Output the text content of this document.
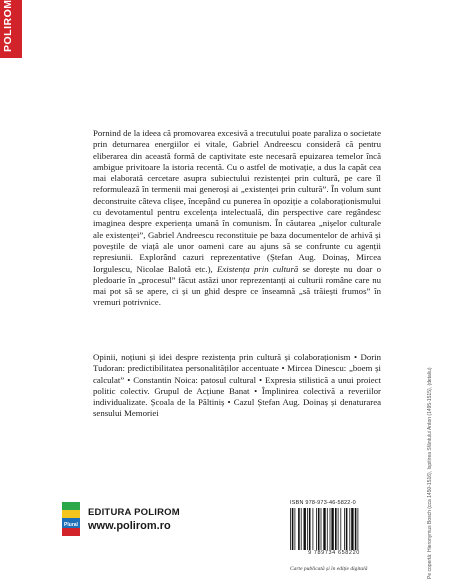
POLIROM

Pornind de la ideea că promovarea excesivă a trecutului poate paraliza o societate prin deturnarea energiilor ei vitale, Gabriel Andreescu consideră că pentru eliberarea din această formă de captivitate este necesară epuizarea temelor încă ambigue privitoare la istoria recentă. Cu o astfel de motivație, a dus la capăt cea mai elaborată cercetare asupra subiectului rezistenței prin cultură, pe care îl reformulează în termenii mai generoși ai „existenței prin cultură”. În volum sunt deconstruite câteva clișee, începând cu punerea în opoziție a colaboraționismului cu devotamentul pentru excelența intelectuală, din perspective care regândesc imaginea despre experiența umană în comunism. În căutarea „nișelor culturale ale existenței”, Gabriel Andreescu reconstituie pe baza documentelor de arhivă și poveștile de viață ale unor oameni care au ajuns să se confrunte cu agenții represiunii. Explorând cazuri reprezentative (Ștefan Aug. Doinaș, Mircea Iorgulescu, Nicolae Balotă etc.), Existența prin cultură se dorește nu doar o pledoarie în „procesul” făcut astăzi unor reprezentanți ai culturii române care nu mai pot să se apere, ci și un ghid despre ce înseamnă „să trăiești frumos” în vremuri potrivnice.

Opinii, noțiuni și idei despre rezistența prin cultură și colaboraționism • Dorin Tudoran: predictibilitatea personalităților accentuate • Mircea Dinescu: „boem și calculat” • Constantin Noica: patosul cultural • Expresia stilistică a unui proiect politic colectiv. Grupul de Acțiune Banat • Împlinirea colectivă a reveriilor individualizate. Școala de la Păltiniș • Cazul Ștefan Aug. Doinaș și denaturarea sensului Memoriei	Pe copertă: Hieronymus Bosch (cca 1450-1516), Ispitirea Sfântului Anton (1495-1515), (detaliu)
Plural
EDITURA POLIROM
www.polirom.ro
ISBN 978-973-46-5822-0
9 789734 658220
Carte publicată și în ediție digitală
